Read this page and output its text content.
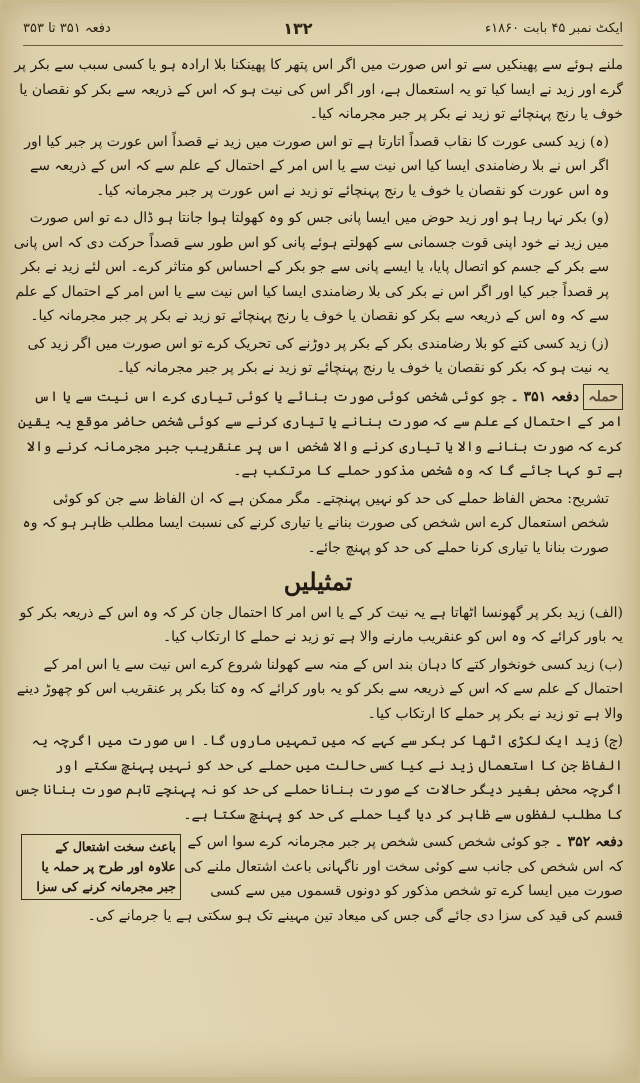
دفعہ ۳۵۱ تا ۳۵۳	۱۳۲	ایکٹ نمبر ۴۵ بابت ۱۸۶۰ء

ملنے ہوئے سے پھینکیں سے تو اس صورت میں اگر اس پتھر کا پھینکنا بلا ارادہ ہو یا کسی سبب سے بکر پر گرے اور زید نے ایسا کیا تو یہ استعمال ہے، اور اگر اس کی نیت ہو کہ اس کے ذریعہ سے بکر کو نقصان یا خوف یا رنج پہنچائے تو زید نے بکر پر جبر مجرمانہ کیا۔

(ہ) زید کسی عورت کا نقاب قصداً اتارتا ہے تو اس صورت میں زید نے قصداً اس عورت پر جبر کیا اور اگر اس نے بلا رضامندی ایسا کیا اس نیت سے یا اس امر کے احتمال کے علم سے کہ اس کے ذریعہ سے وہ اس عورت کو نقصان یا خوف یا رنج پہنچائے تو زید نے اس عورت پر جبر مجرمانہ کیا۔

(و) بکر نہا رہا ہو اور زید حوض میں ایسا پانی جس کو وہ کھولتا ہوا جانتا ہو ڈال دے تو اس صورت میں زید نے خود اپنی قوت جسمانی سے کھولتے ہوئے پانی کو اس طور سے قصداً حرکت دی کہ اس پانی سے بکر کے جسم کو اتصال پایا، یا ایسے پانی سے جو بکر کے احساس کو متاثر کرے۔ اس لئے زید نے بکر پر قصداً جبر کیا اور اگر اس نے بکر کی بلا رضامندی ایسا کیا اس نیت سے یا اس امر کے احتمال کے علم سے کہ وہ اس کے ذریعہ سے بکر کو نقصان یا خوف یا رنج پہنچائے تو زید نے بکر پر جبر مجرمانہ کیا۔

(ز) زید کسی کتے کو بلا رضامندی بکر کے بکر پر دوڑنے کی تحریک کرے تو اس صورت میں اگر زید کی یہ نیت ہو کہ بکر کو نقصان یا خوف یا رنج پہنچائے تو زید نے بکر پر جبر مجرمانہ کیا۔

حملہ دفعہ ۳۵۱ ۔ جو کوئی شخص کوئی صورت بنائے یا کوئی تیاری کرے اس نیت سے یا اس امر کے احتمال کے علم سے کہ صورت بنانے یا تیاری کرنے سے کوئی شخص حاضر موقع یہ یقین کرے کہ صورت بنانے والا یا تیاری کرنے والا شخص اس پر عنقریب جبر مجرمانہ کرنے والا ہے تو کہا جائے گا کہ وہ شخص مذکور حملے کا مرتکب ہے۔

تشریح: محض الفاظ حملے کی حد کو نہیں پہنچتے۔ مگر ممکن ہے کہ ان الفاظ سے جن کو کوئی شخص استعمال کرے اس شخص کی صورت بنانے یا تیاری کرنے کی نسبت ایسا مطلب ظاہر ہو کہ وہ صورت بنانا یا تیاری کرنا حملے کی حد کو پہنچ جائے۔

تمثیلیں

(الف) زید بکر پر گھونسا اٹھاتا ہے یہ نیت کر کے یا اس امر کا احتمال جان کر کہ وہ اس کے ذریعہ بکر کو یہ باور کرائے کہ وہ اس کو عنقریب مارنے والا ہے تو زید نے حملے کا ارتکاب کیا۔

(ب) زید کسی خونخوار کتے کا دہان بند اس کے منہ سے کھولنا شروع کرے اس نیت سے یا اس امر کے احتمال کے علم سے کہ اس کے ذریعہ سے بکر کو یہ باور کرائے کہ وہ کتا بکر پر عنقریب اس کو چھوڑ دینے والا ہے تو زید نے بکر پر حملے کا ارتکاب کیا۔

(ج) زید ایک لکڑی اٹھا کر بکر سے کہے کہ میں تمہیں ماروں گا۔ اس صورت میں اگرچہ یہ الفاظ جن کا استعمال زید نے کیا کسی حالت میں حملے کی حد کو نہیں پہنچ سکتے اور اگرچہ محض بغیر دیگر حالات کے صورت بنانا حملے کی حد کو نہ پہنچے تاہم صورت بنانا جس کا مطلب لفظوں سے ظاہر کر دیا گیا حملے کی حد کو پہنچ سکتا ہے۔

باعث سخت اشتعال کے علاوہ اور طرح پر حملہ یا جبر مجرمانہ کرنے کی سزا

دفعہ ۳۵۲ ۔ جو کوئی شخص کسی شخص پر جبر مجرمانہ کرے سوا اس کے کہ اس شخص کی جانب سے کوئی سخت اور ناگہانی باعث اشتعال ملنے کی صورت میں ایسا کرے تو شخص مذکور کو دونوں قسموں میں سے کسی قسم کی قید کی سزا دی جائے گی جس کی میعاد تین مہینے تک ہو سکتی ہے یا جرمانے کی۔
